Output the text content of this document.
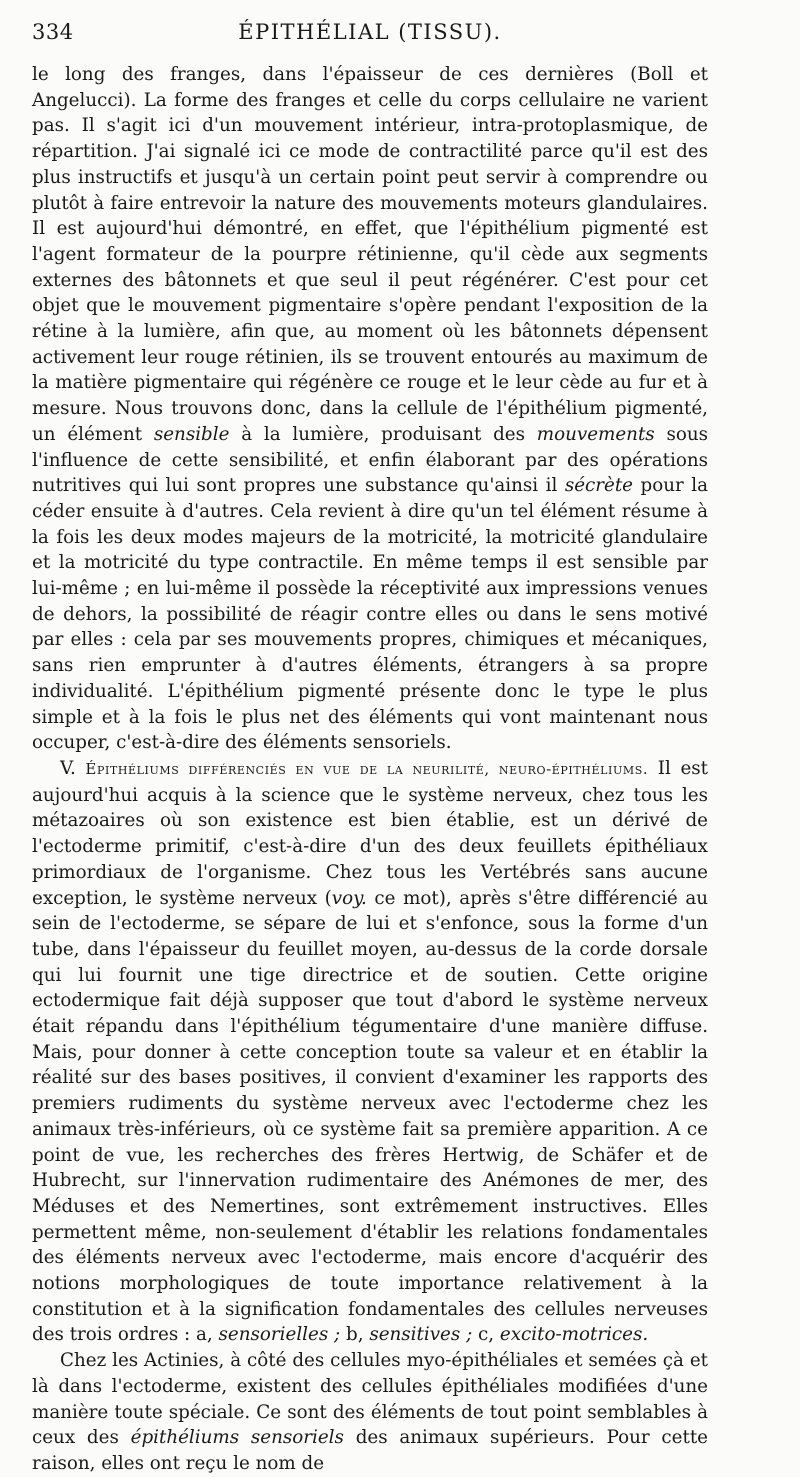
334	ÉPITHÉLIAL (TISSU).

le long des franges, dans l'épaisseur de ces dernières (Boll et Angelucci). La forme des franges et celle du corps cellulaire ne varient pas. Il s'agit ici d'un mouvement intérieur, intra-protoplasmique, de répartition. J'ai signalé ici ce mode de contractilité parce qu'il est des plus instructifs et jusqu'à un certain point peut servir à comprendre ou plutôt à faire entrevoir la nature des mouvements moteurs glandulaires. Il est aujourd'hui démontré, en effet, que l'épithélium pigmenté est l'agent formateur de la pourpre rétinienne, qu'il cède aux segments externes des bâtonnets et que seul il peut régénérer. C'est pour cet objet que le mouvement pigmentaire s'opère pendant l'exposition de la rétine à la lumière, afin que, au moment où les bâtonnets dépensent activement leur rouge rétinien, ils se trouvent entourés au maximum de la matière pigmentaire qui régénère ce rouge et le leur cède au fur et à mesure. Nous trouvons donc, dans la cellule de l'épithélium pigmenté, un élément sensible à la lumière, produisant des mouvements sous l'influence de cette sensibilité, et enfin élaborant par des opérations nutritives qui lui sont propres une substance qu'ainsi il sécrète pour la céder ensuite à d'autres. Cela revient à dire qu'un tel élément résume à la fois les deux modes majeurs de la motricité, la motricité glandulaire et la motricité du type contractile. En même temps il est sensible par lui-même ; en lui-même il possède la réceptivité aux impressions venues de dehors, la possibilité de réagir contre elles ou dans le sens motivé par elles : cela par ses mouvements propres, chimiques et mécaniques, sans rien emprunter à d'autres éléments, étrangers à sa propre individualité. L'épithélium pigmenté présente donc le type le plus simple et à la fois le plus net des éléments qui vont maintenant nous occuper, c'est-à-dire des éléments sensoriels.

V. Épithéliums différenciés en vue de la neurilité, neuro-épithéliums. Il est aujourd'hui acquis à la science que le système nerveux, chez tous les métazoaires où son existence est bien établie, est un dérivé de l'ectoderme primitif, c'est-à-dire d'un des deux feuillets épithéliaux primordiaux de l'organisme. Chez tous les Vertébrés sans aucune exception, le système nerveux (voy. ce mot), après s'être différencié au sein de l'ectoderme, se sépare de lui et s'enfonce, sous la forme d'un tube, dans l'épaisseur du feuillet moyen, au-dessus de la corde dorsale qui lui fournit une tige directrice et de soutien. Cette origine ectodermique fait déjà supposer que tout d'abord le système nerveux était répandu dans l'épithélium tégumentaire d'une manière diffuse. Mais, pour donner à cette conception toute sa valeur et en établir la réalité sur des bases positives, il convient d'examiner les rapports des premiers rudiments du système nerveux avec l'ectoderme chez les animaux très-inférieurs, où ce système fait sa première apparition. A ce point de vue, les recherches des frères Hertwig, de Schäfer et de Hubrecht, sur l'innervation rudimentaire des Anémones de mer, des Méduses et des Nemertines, sont extrêmement instructives. Elles permettent même, non-seulement d'établir les relations fondamentales des éléments nerveux avec l'ectoderme, mais encore d'acquérir des notions morphologiques de toute importance relativement à la constitution et à la signification fondamentales des cellules nerveuses des trois ordres : a, sensorielles ; b, sensitives ; c, excito-motrices.

Chez les Actinies, à côté des cellules myo-épithéliales et semées çà et là dans l'ectoderme, existent des cellules épithéliales modifiées d'une manière toute spéciale. Ce sont des éléments de tout point semblables à ceux des épithéliums sensoriels des animaux supérieurs. Pour cette raison, elles ont reçu le nom de
